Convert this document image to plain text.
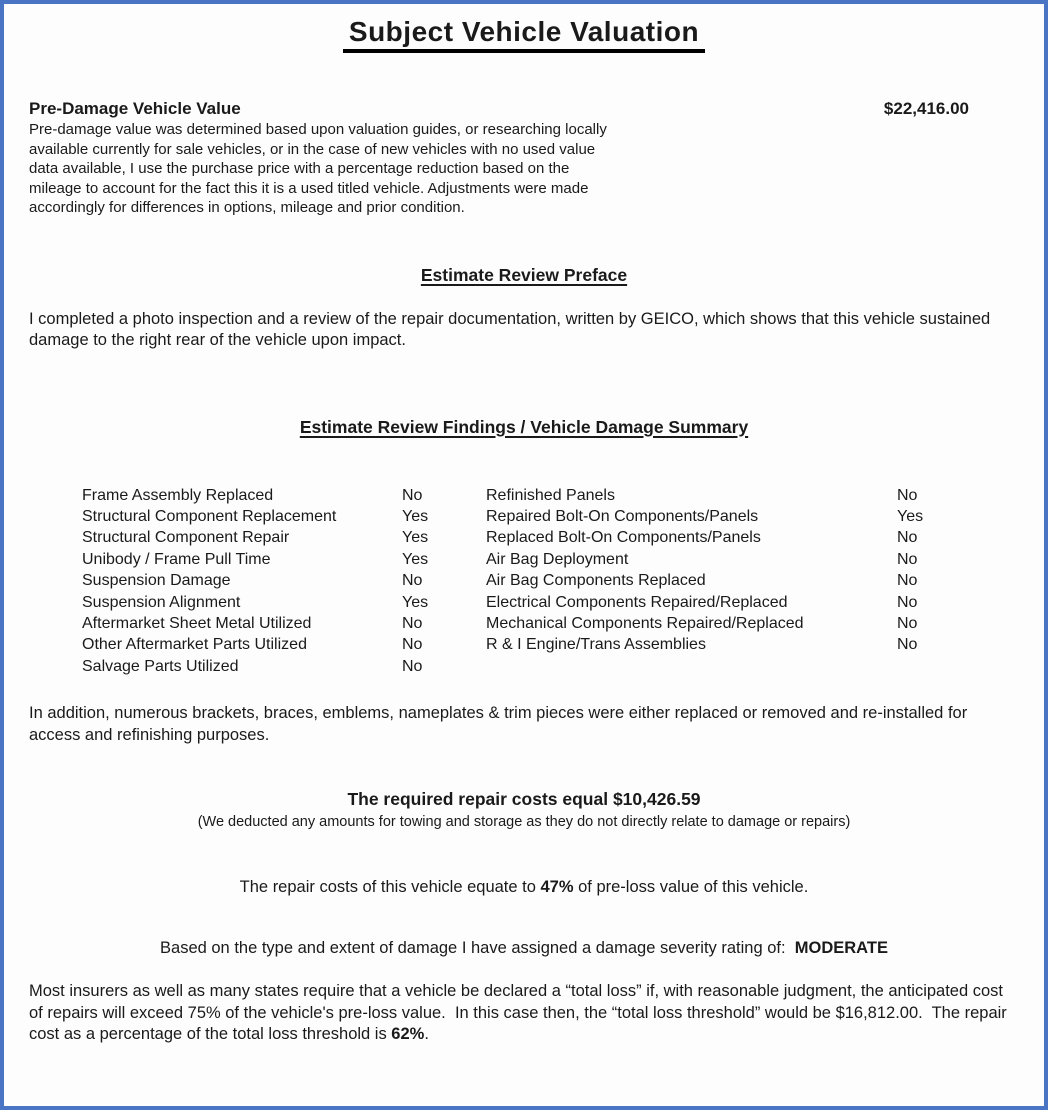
Subject Vehicle Valuation
Pre-Damage Vehicle Value	$22,416.00

Pre-damage value was determined based upon valuation guides, or researching locally available currently for sale vehicles, or in the case of new vehicles with no used value data available, I use the purchase price with a percentage reduction based on the mileage to account for the fact this it is a used titled vehicle. Adjustments were made accordingly for differences in options, mileage and prior condition.

Estimate Review Preface

I completed a photo inspection and a review of the repair documentation, written by GEICO, which shows that this vehicle sustained damage to the right rear of the vehicle upon impact.

Estimate Review Findings / Vehicle Damage Summary
Frame Assembly Replaced	No	Refinished Panels	No
Structural Component Replacement	Yes	Repaired Bolt-On Components/Panels	Yes
Structural Component Repair	Yes	Replaced Bolt-On Components/Panels	No
Unibody / Frame Pull Time	Yes	Air Bag Deployment	No
Suspension Damage	No	Air Bag Components Replaced	No
Suspension Alignment	Yes	Electrical Components Repaired/Replaced	No
Aftermarket Sheet Metal Utilized	No	Mechanical Components Repaired/Replaced	No
Other Aftermarket Parts Utilized	No	R & I Engine/Trans Assemblies	No
Salvage Parts Utilized	No

In addition, numerous brackets, braces, emblems, nameplates & trim pieces were either replaced or removed and re-installed for access and refinishing purposes.

The required repair costs equal $10,426.59

(We deducted any amounts for towing and storage as they do not directly relate to damage or repairs)

The repair costs of this vehicle equate to 47% of pre-loss value of this vehicle.

Based on the type and extent of damage I have assigned a damage severity rating of:  MODERATE

Most insurers as well as many states require that a vehicle be declared a “total loss” if, with reasonable judgment, the anticipated cost of repairs will exceed 75% of the vehicle's pre-loss value.  In this case then, the “total loss threshold” would be $16,812.00.  The repair cost as a percentage of the total loss threshold is 62%.
